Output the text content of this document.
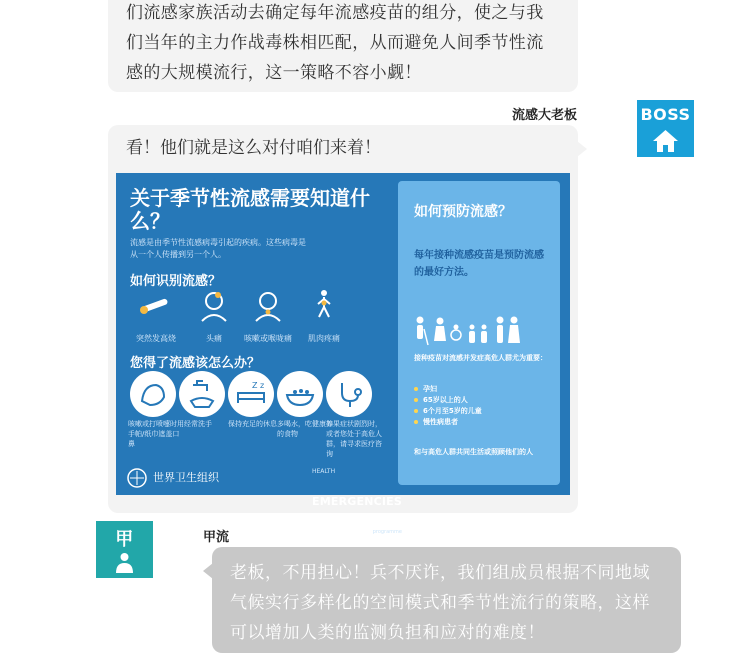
们流感家族活动去确定每年流感疫苗的组分，使之与我

们当年的主力作战毒株相匹配，从而避免人间季节性流

感的大规模流行，这一策略不容小觑！

流感大老板	BOSS
看！他们就是这么对付咱们来着！
关于季节性流感需要知道什么？
流感是由季节性流感病毒引起的疾病。这些病毒是从一个人传播到另一个人。
如何识别流感？
突然发高烧	头痛	咳嗽或喉咙痛	肌肉疼痛
您得了流感该怎么办？
Z z
咳嗽或打喷嚏时用手帕/纸巾遮盖口鼻
经常洗手	保持充足的休息 多喝水，吃健康养的食物
如果症状剧烈时，或者您处于高危人群，请寻求医疗咨询
世界卫生组织	HEALTH
EMERGENCIES
programme
如何预防流感？
每年接种流感疫苗是预防流感的最好方法。
接种疫苗对流感并发症高危人群尤为重要：
孕妇
65岁以上的人
6个月至5岁的儿童
慢性病患者
和与高危人群共同生活或照顾他们的人
甲	甲流

老板，不用担心！兵不厌诈，我们组成员根据不同地域

气候实行多样化的空间模式和季节性流行的策略，这样

可以增加人类的监测负担和应对的难度！
